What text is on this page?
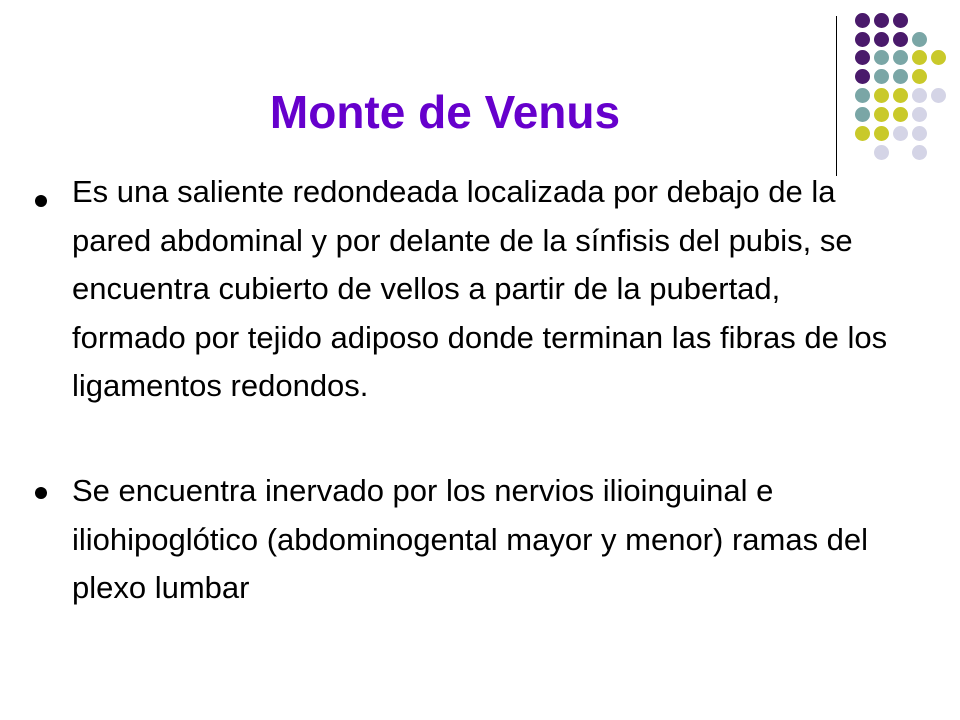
Monte de Venus
Es una saliente redondeada localizada por debajo de la pared abdominal y por delante de la sínfisis del pubis, se encuentra cubierto de vellos a partir de la pubertad, formado por tejido adiposo donde terminan las fibras de los ligamentos redondos.
Se encuentra inervado por los nervios ilioinguinal e iliohipoglótico (abdominogental mayor y menor) ramas del plexo lumbar
